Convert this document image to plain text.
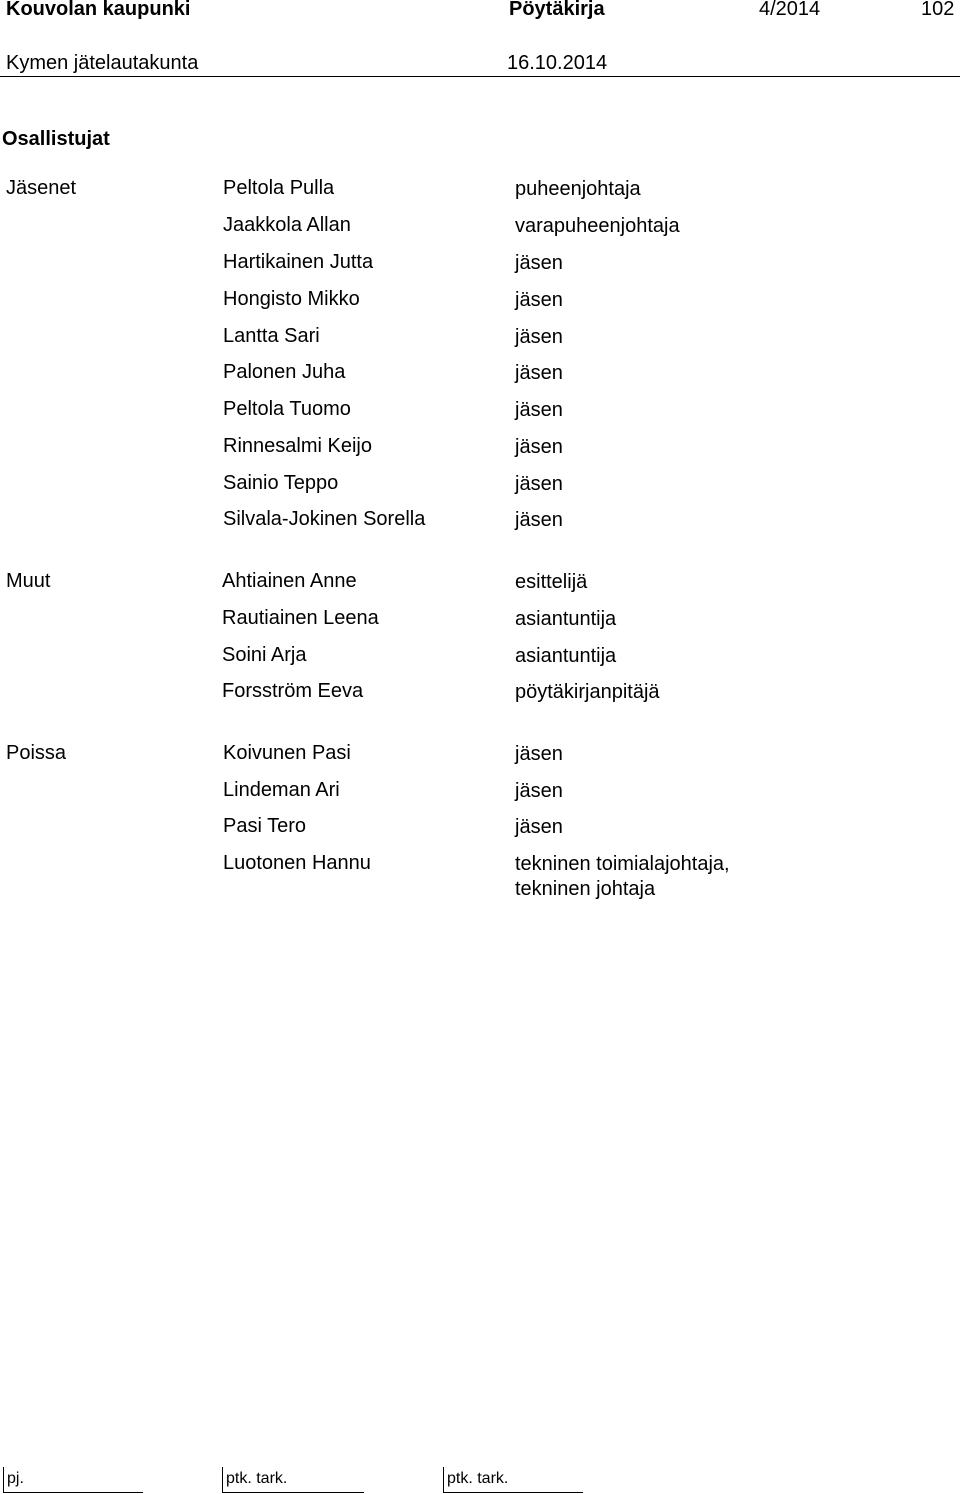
Kouvolan kaupunki	Pöytäkirja	4/2014	102
Kymen jätelautakunta	16.10.2014
Osallistujat
Jäsenet	Peltola Pulla	puheenjohtaja
Jaakkola Allan	varapuheenjohtaja
Hartikainen Jutta	jäsen
Hongisto Mikko	jäsen
Lantta Sari	jäsen
Palonen Juha	jäsen
Peltola Tuomo	jäsen
Rinnesalmi Keijo	jäsen
Sainio Teppo	jäsen
Silvala-Jokinen Sorella	jäsen
Muut	Ahtiainen Anne	esittelijä
Rautiainen Leena	asiantuntija
Soini Arja	asiantuntija
Forsström Eeva	pöytäkirjanpitäjä
Poissa	Koivunen Pasi	jäsen
Lindeman Ari	jäsen
Pasi Tero	jäsen
Luotonen Hannu	tekninen toimialajohtaja,
tekninen johtaja
pj.	ptk. tark.	ptk. tark.
